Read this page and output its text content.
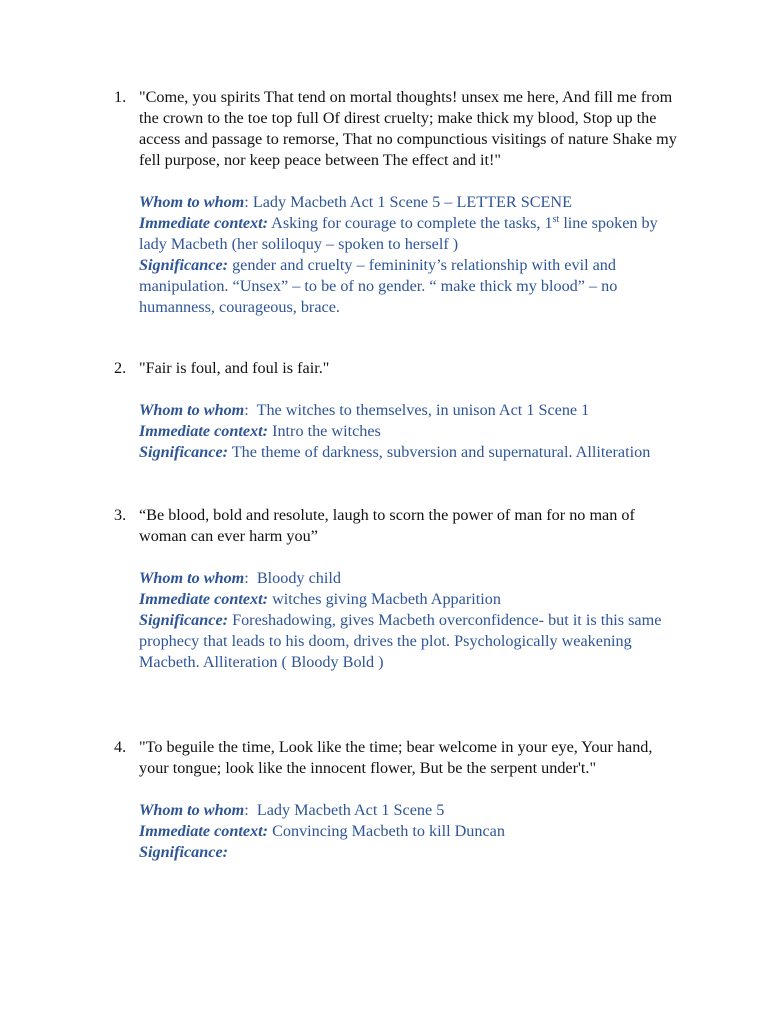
1. "Come, you spirits That tend on mortal thoughts! unsex me here, And fill me from the crown to the toe top full Of direst cruelty; make thick my blood, Stop up the access and passage to remorse, That no compunctious visitings of nature Shake my fell purpose, nor keep peace between The effect and it!"

Whom to whom: Lady Macbeth Act 1 Scene 5 – LETTER SCENE

Immediate context: Asking for courage to complete the tasks, 1st line spoken by lady Macbeth (her soliloquy – spoken to herself )

Significance: gender and cruelty – femininity’s relationship with evil and manipulation. “Unsex” – to be of no gender. “ make thick my blood” – no humanness, courageous, brace.

2. "Fair is foul, and foul is fair."

Whom to whom:  The witches to themselves, in unison Act 1 Scene 1

Immediate context: Intro the witches

Significance: The theme of darkness, subversion and supernatural. Alliteration

3. “Be blood, bold and resolute, laugh to scorn the power of man for no man of woman can ever harm you”

Whom to whom:  Bloody child

Immediate context: witches giving Macbeth Apparition

Significance: Foreshadowing, gives Macbeth overconfidence- but it is this same prophecy that leads to his doom, drives the plot. Psychologically weakening Macbeth. Alliteration ( Bloody Bold )

4. "To beguile the time, Look like the time; bear welcome in your eye, Your hand, your tongue; look like the innocent flower, But be the serpent under't."

Whom to whom:  Lady Macbeth Act 1 Scene 5

Immediate context: Convincing Macbeth to kill Duncan

Significance:
